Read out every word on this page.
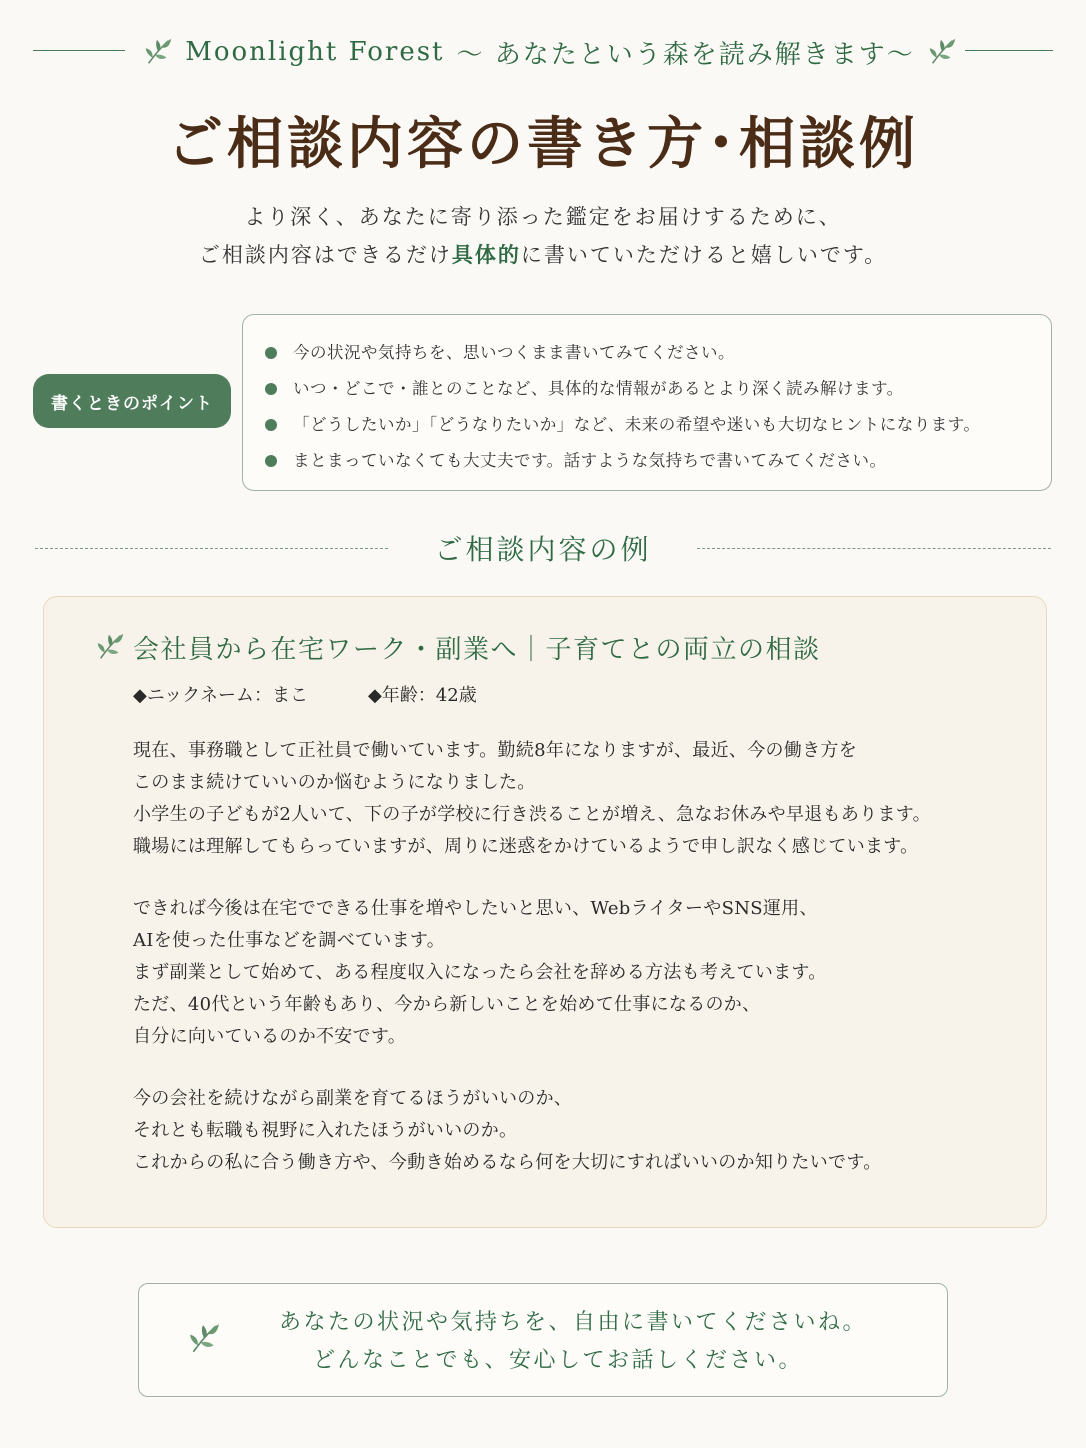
Moonlight Forest 〜 あなたという森を読み解きます〜
ご相談内容の書き方･相談例
より深く、あなたに寄り添った鑑定をお届けするために、
ご相談内容はできるだけ具体的に書いていただけると嬉しいです。
書くときのポイント
今の状況や気持ちを、思いつくまま書いてみてください。
いつ・どこで・誰とのことなど、具体的な情報があるとより深く読み解けます。
「どうしたいか」「どうなりたいか」など、未来の希望や迷いも大切なヒントになります。
まとまっていなくても大丈夫です。話すような気持ちで書いてみてください。
ご相談内容の例
会社員から在宅ワーク・副業へ｜子育てとの両立の相談
◆ニックネーム：まこ	◆年齢：42歳
現在、事務職として正社員で働いています。勤続8年になりますが、最近、今の働き方を
このまま続けていいのか悩むようになりました。
小学生の子どもが2人いて、下の子が学校に行き渋ることが増え、急なお休みや早退もあります。
職場には理解してもらっていますが、周りに迷惑をかけているようで申し訳なく感じています。
できれば今後は在宅でできる仕事を増やしたいと思い、WebライターやSNS運用、
AIを使った仕事などを調べています。
まず副業として始めて、ある程度収入になったら会社を辞める方法も考えています。
ただ、40代という年齢もあり、今から新しいことを始めて仕事になるのか、
自分に向いているのか不安です。
今の会社を続けながら副業を育てるほうがいいのか、
それとも転職も視野に入れたほうがいいのか。
これからの私に合う働き方や、今動き始めるなら何を大切にすればいいのか知りたいです。
あなたの状況や気持ちを、自由に書いてくださいね。
どんなことでも、安心してお話しください。
